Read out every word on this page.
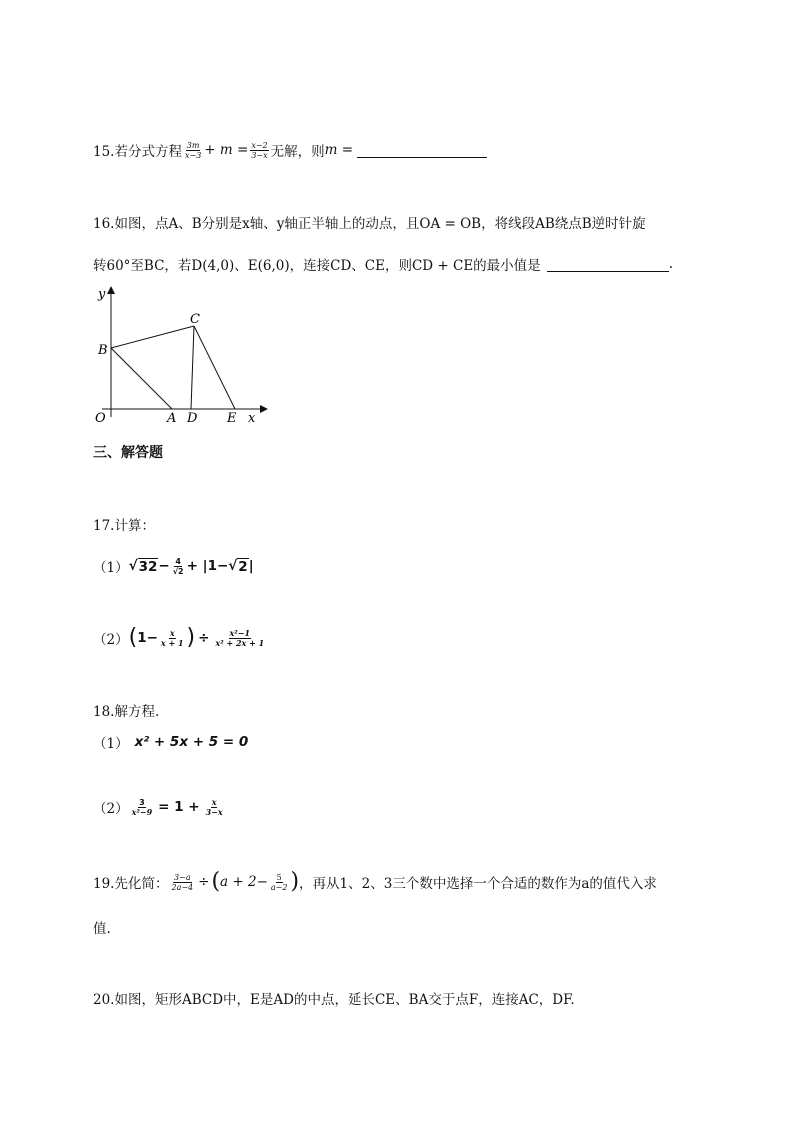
15.若分式方程 $\frac{3m}{x-3}$ +
m
= $\frac{x-2}{3-x}$ 无解，则 m
=

16.如图，点A、B分别是x轴、y轴正半轴上的动点，且OA = OB，将线段AB绕点B逆时针旋
转60°至BC，若D(4,0)、E(6,0)，连接CD、CE，则CD + CE的最小值是	.
y
x
O	A
B
C
D E
三、解答题
17.计算：
（1） √ $32 - \frac{4}{√2} + |1-$ √ 2 |
（2） ( $1- \frac{x}{x + 1}$ ) ÷ $\frac{\text{x²−1}}{\text{x² + 2x + 1}}$
18.解方程.
（1） x² + 5x + 5 = 0
$(2) \frac{3}{\text{x²−9}} = 1 + \frac{x}{3-x}$
19.先化简： $\frac{3-a}{2a-4}$ ÷ ( $a + 2- \frac{5}{a-2}$ ) ，再从1、2、3三个数中选择一个合适的数作为a的值代入求
值.
20.如图，矩形ABCD中，E是AD的中点，延长CE、BA交于点F，连接AC，DF.
